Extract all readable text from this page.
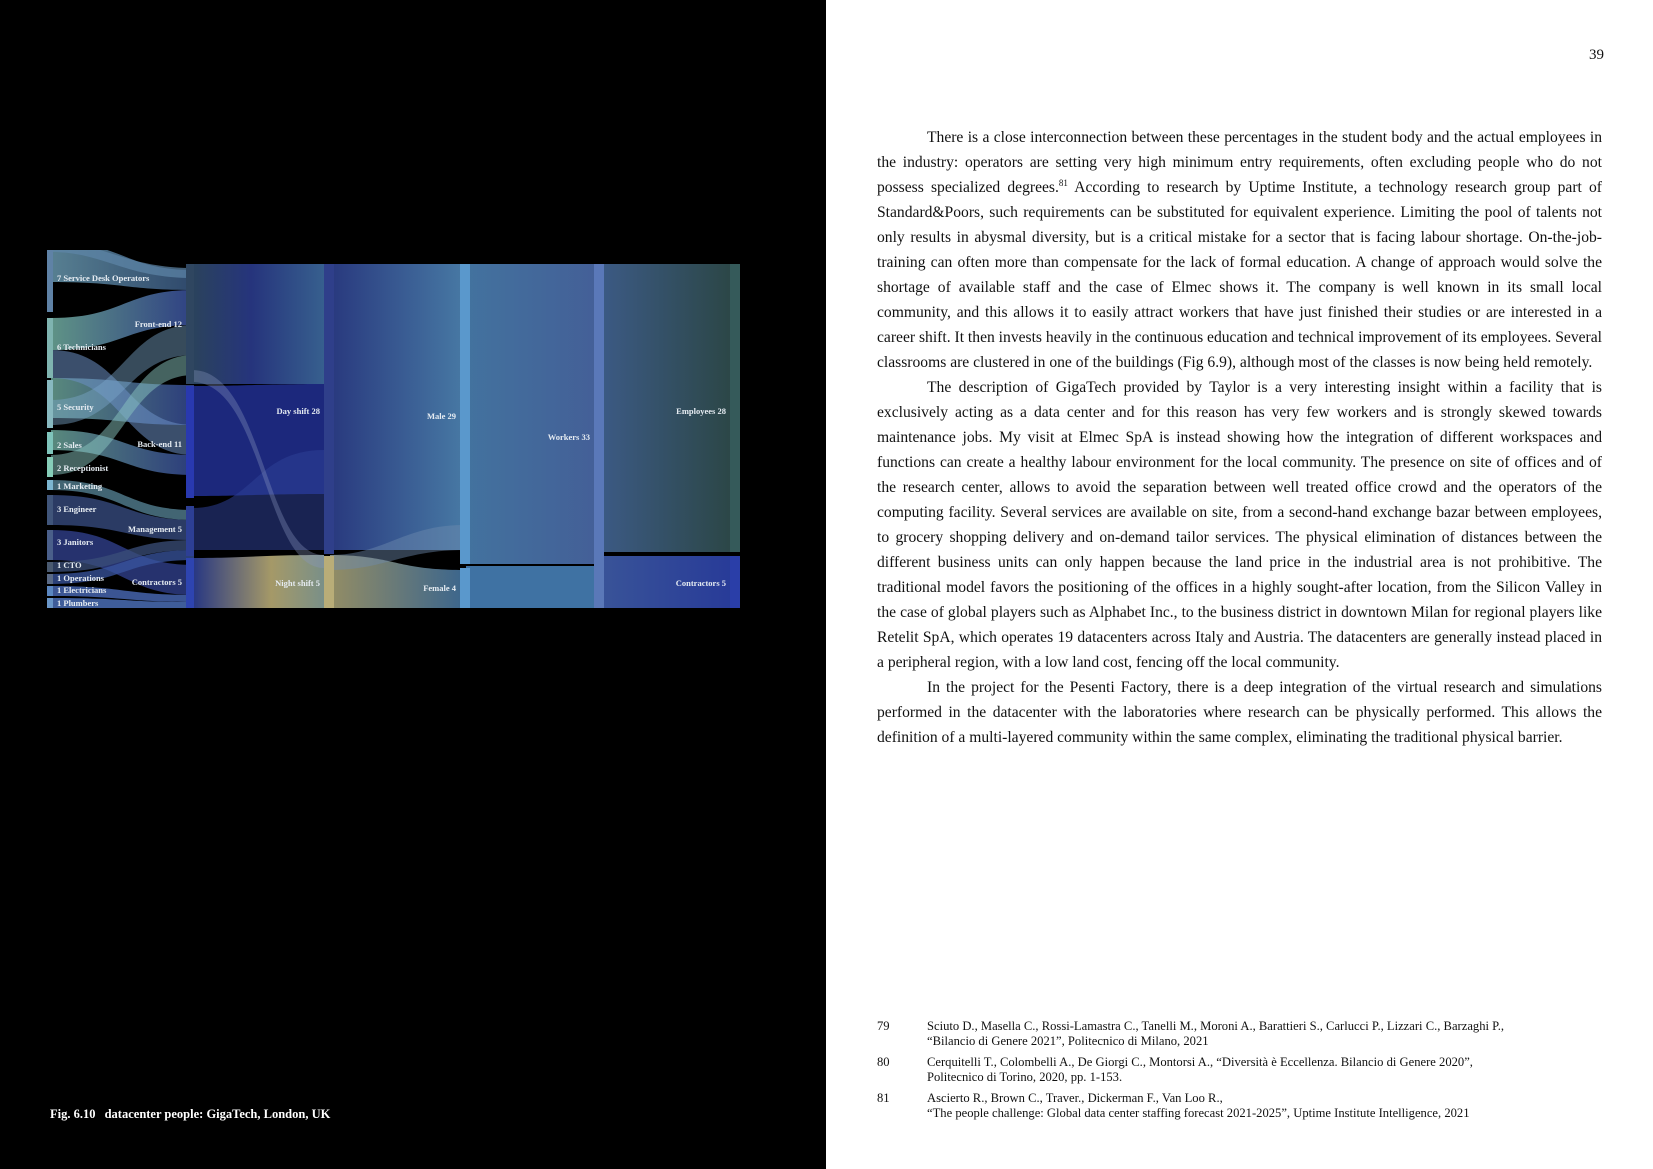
7 Service Desk Operators
6 Technicians
5 Security
2 Sales
2 Receptionist
1 Marketing
3 Engineer
3 Janitors
1 CTO
1 Operations
1 Electricians
1 Plumbers
Front-end 12
Back-end 11
Management 5
Contractors 5
Day shift 28
Night shift 5
Male 29
Female 4
Workers 33
Employees 28
Contractors 5
Fig. 6.10 datacenter people: GigaTech, London, UK
39

There is a close interconnection between these percentages in the student body and the actual employees in the industry: operators are setting very high minimum entry requirements, often excluding people who do not possess specialized degrees.$^{81}$ According to research by Uptime Institute, a technology research group part of Standard&Poors, such requirements can be substituted for equivalent experience. Limiting the pool of talents not only results in abysmal diversity, but is a critical mistake for a sector that is facing labour shortage. On-the-job-training can often more than compensate for the lack of formal education. A change of approach would solve the shortage of available staff and the case of Elmec shows it. The company is well known in its small local community, and this allows it to easily attract workers that have just finished their studies or are interested in a career shift. It then invests heavily in the continuous education and technical improvement of its employees. Several classrooms are clustered in one of the buildings (Fig 6.9), although most of the classes is now being held remotely.

The description of GigaTech provided by Taylor is a very interesting insight within a facility that is exclusively acting as a data center and for this reason has very few workers and is strongly skewed towards maintenance jobs. My visit at Elmec SpA is instead showing how the integration of different workspaces and functions can create a healthy labour environment for the local community. The presence on site of offices and of the research center, allows to avoid the separation between well treated office crowd and the operators of the computing facility. Several services are available on site, from a second-hand exchange bazar between employees, to grocery shopping delivery and on-demand tailor services. The physical elimination of distances between the different business units can only happen because the land price in the industrial area is not prohibitive. The traditional model favors the positioning of the offices in a highly sought-after location, from the Silicon Valley in the case of global players such as Alphabet Inc., to the business district in downtown Milan for regional players like Retelit SpA, which operates 19 datacenters across Italy and Austria. The datacenters are generally instead placed in a peripheral region, with a low land cost, fencing off the local community.

In the project for the Pesenti Factory, there is a deep integration of the virtual research and simulations performed in the datacenter with the laboratories where research can be physically performed. This allows the definition of a multi-layered community within the same complex, eliminating the traditional physical barrier.

79	Sciuto D., Masella C., Rossi-Lamastra C., Tanelli M., Moroni A., Barattieri S., Carlucci P., Lizzari C., Barzaghi P.,
“Bilancio di Genere 2021”, Politecnico di Milano, 2021
80	Cerquitelli T., Colombelli A., De Giorgi C., Montorsi A., “Diversità è Eccellenza. Bilancio di Genere 2020”,
Politecnico di Torino, 2020, pp. 1-153.
81	Ascierto R., Brown C., Traver., Dickerman F., Van Loo R.,
“The people challenge: Global data center staffing forecast 2021-2025”, Uptime Institute Intelligence, 2021
